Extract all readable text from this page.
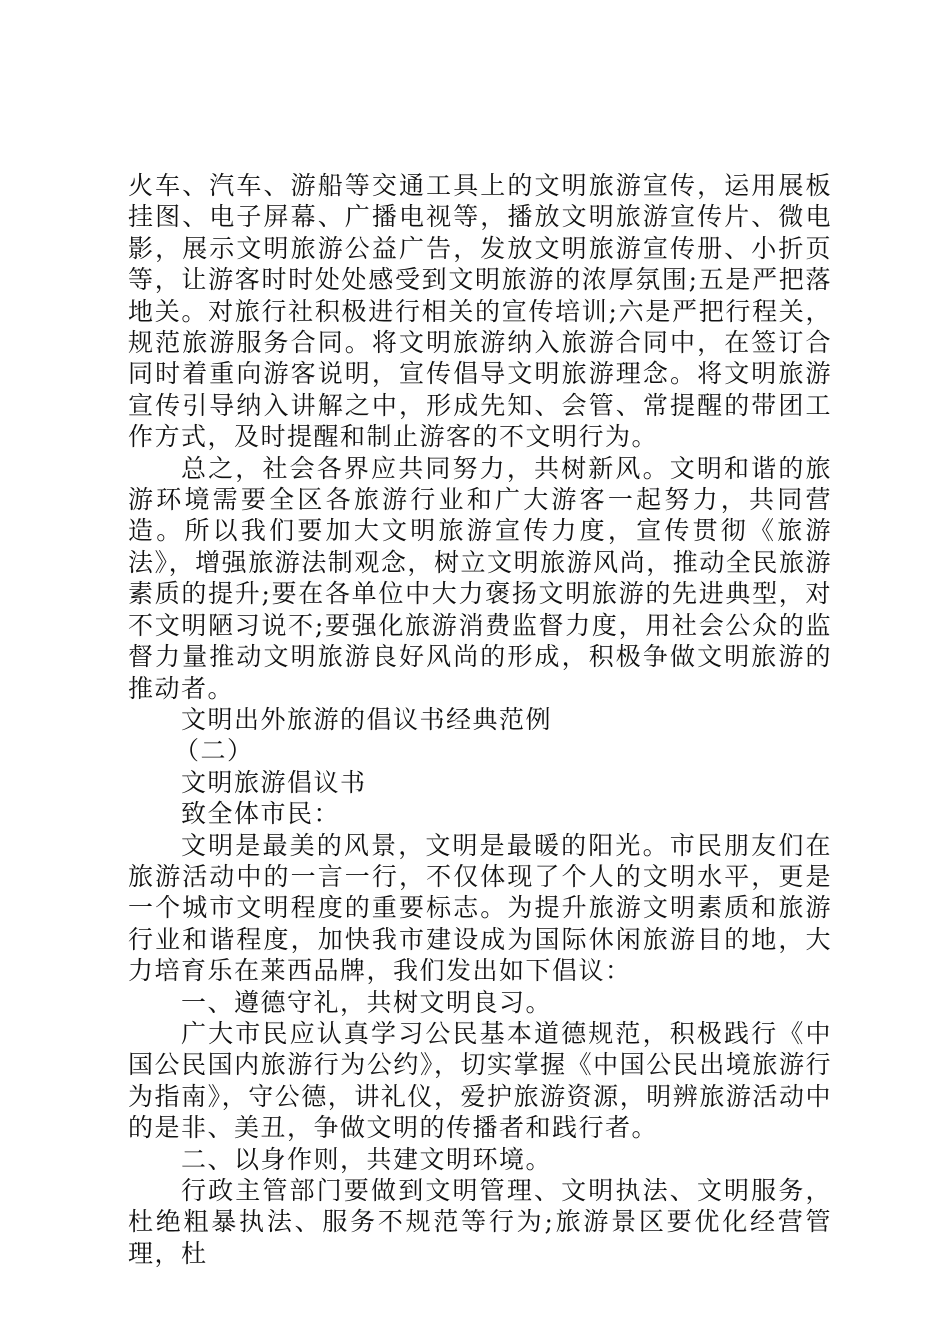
火车、汽车、游船等交通工具上的文明旅游宣传，运用展板挂图、电子屏幕、广播电视等，播放文明旅游宣传片、微电影，展示文明旅游公益广告，发放文明旅游宣传册、小折页等，让游客时时处处感受到文明旅游的浓厚氛围;五是严把落地关。对旅行社积极进行相关的宣传培训;六是严把行程关，规范旅游服务合同。将文明旅游纳入旅游合同中，在签订合同时着重向游客说明，宣传倡导文明旅游理念。将文明旅游宣传引导纳入讲解之中，形成先知、会管、常提醒的带团工作方式，及时提醒和制止游客的不文明行为。

总之，社会各界应共同努力，共树新风。文明和谐的旅游环境需要全区各旅游行业和广大游客一起努力，共同营造。所以我们要加大文明旅游宣传力度，宣传贯彻《旅游法》，增强旅游法制观念，树立文明旅游风尚，推动全民旅游素质的提升;要在各单位中大力褒扬文明旅游的先进典型，对不文明陋习说不;要强化旅游消费监督力度，用社会公众的监督力量推动文明旅游良好风尚的形成，积极争做文明旅游的推动者。

文明出外旅游的倡议书经典范例

（二）

文明旅游倡议书

致全体市民：

文明是最美的风景，文明是最暖的阳光。市民朋友们在旅游活动中的一言一行，不仅体现了个人的文明水平，更是一个城市文明程度的重要标志。为提升旅游文明素质和旅游行业和谐程度，加快我市建设成为国际休闲旅游目的地，大力培育乐在莱西品牌，我们发出如下倡议：

一、遵德守礼，共树文明良习。

广大市民应认真学习公民基本道德规范，积极践行《中国公民国内旅游行为公约》，切实掌握《中国公民出境旅游行为指南》，守公德，讲礼仪，爱护旅游资源，明辨旅游活动中的是非、美丑，争做文明的传播者和践行者。

二、以身作则，共建文明环境。

行政主管部门要做到文明管理、文明执法、文明服务，杜绝粗暴执法、服务不规范等行为;旅游景区要优化经营管理，杜
